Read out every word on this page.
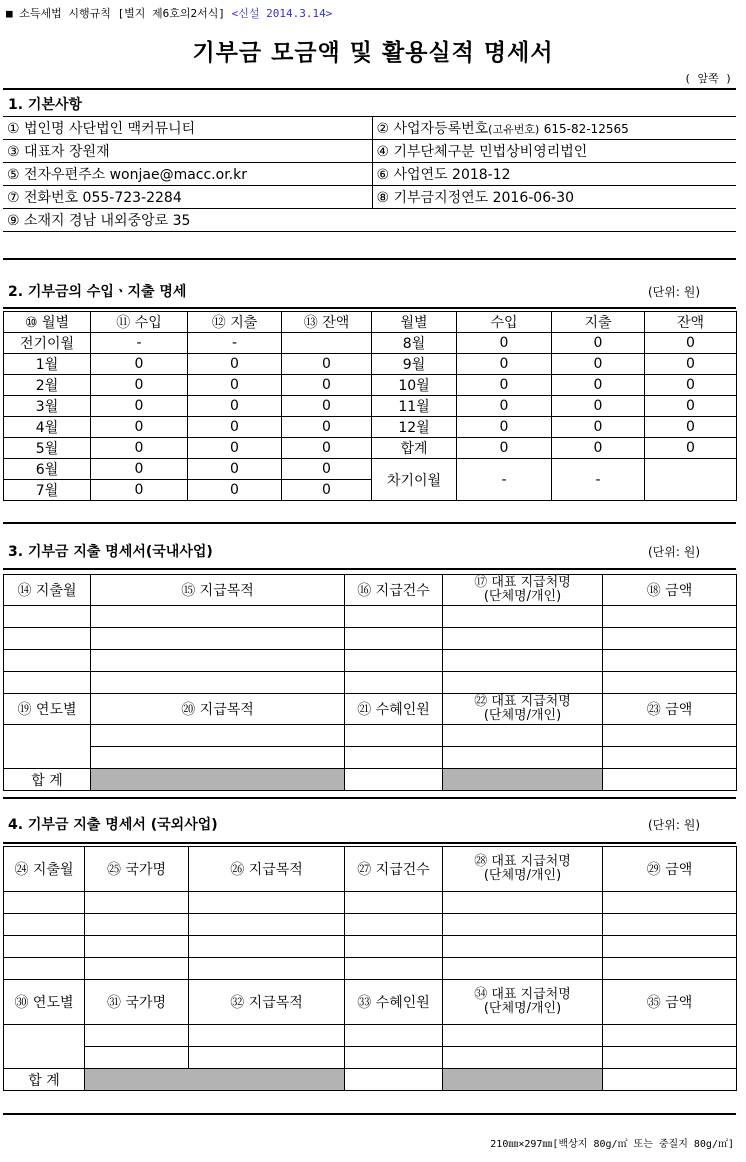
■ 소득세법 시행규칙 [별지 제6호의2서식] <신설 2014.3.14>
기부금 모금액 및 활용실적 명세서
( 앞쪽 )
1. 기본사항
① 법인명 사단법인 맥커뮤니티	② 사업자등록번호(고유번호) 615-82-12565
③ 대표자 장원재	④ 기부단체구분 민법상비영리법인
⑤ 전자우편주소 wonjae@macc.or.kr	⑥ 사업연도 2018-12
⑦ 전화번호 055-723-2284	⑧ 기부금지정연도 2016-06-30
⑨ 소재지 경남 내외중앙로 35	
2. 기부금의 수입ㆍ지출 명세	(단위: 원)
⑩ 월별	⑪ 수입	⑫ 지출	⑬ 잔액	월별	수입	지출	잔액
전기이월	-	-		8월	0	0	0
1월	0	0	0	9월	0	0	0
2월	0	0	0	10월	0	0	0
3월	0	0	0	11월	0	0	0
4월	0	0	0	12월	0	0	0
5월	0	0	0	합계	0	0	0
6월	0	0	0	차기이월	-	-	
7월	0	0	0				
3. 기부금 지출 명세서(국내사업)	(단위: 원)
⑭ 지출월	⑮ 지급목적	⑯ 지급건수	⑰ 대표 지급처명
(단체명/개인)	⑱ 금액

⑲ 연도별	⑳ 지급목적	㉑ 수혜인원	㉒ 대표 지급처명
(단체명/개인)	㉓ 금액

합 계				
4. 기부금 지출 명세서 (국외사업)	(단위: 원)
㉔ 지출월	㉕ 국가명	㉖ 지급목적	㉗ 지급건수	㉘ 대표 지급처명
(단체명/개인)	㉙ 금액

㉚ 연도별	㉛ 국가명	㉜ 지급목적	㉝ 수혜인원	㉞ 대표 지급처명
(단체명/개인)	㉟ 금액

합 계					
210㎜×297㎜[백상지 80g/㎡ 또는 중질지 80g/㎡]
